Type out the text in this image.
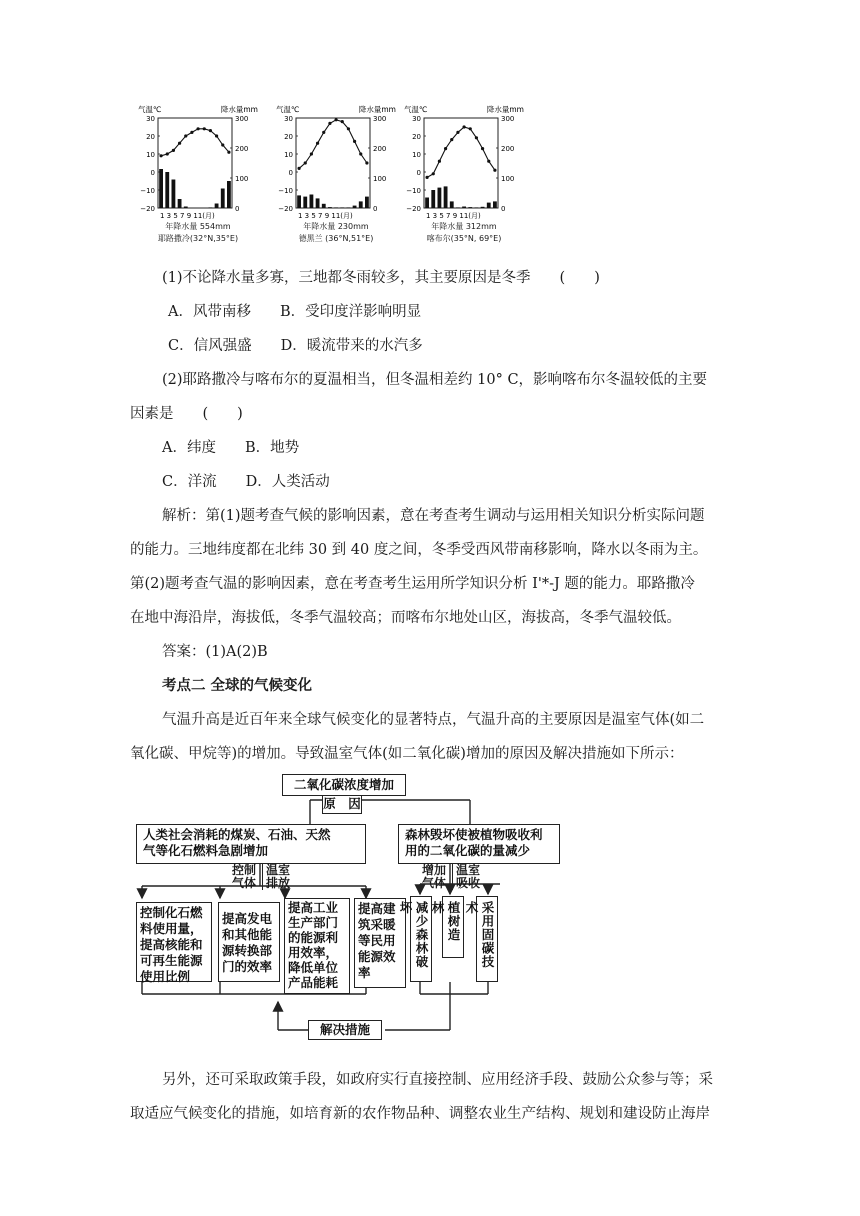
气温℃	降水量mm
30
20
10
0
−10
−20
300
200
100
0
1 3 5 7 9 11(月)
年降水量 554mm
耶路撒冷(32°N,35°E)
气温℃	降水量mm
30
20
10
0
−10
−20
300
200
100
0
1 3 5 7 9 11(月)
年降水量 230mm
德黑兰 (36°N,51°E)
气温℃	降水量mm
30
20
10
0
−10
−20
300
200
100
0
1 3 5 7 9 11(月)
年降水量 312mm
喀布尔(35°N, 69°E)
(1)不论降水量多寡，三地都冬雨较多，其主要原因是冬季　　(　　)
A．风带南移　　B．受印度洋影响明显
C．信风强盛　　D．暖流带来的水汽多
(2)耶路撒冷与喀布尔的夏温相当，但冬温相差约 10° C，影响喀布尔冬温较低的主要
因素是　　(　　)
A．纬度　　B．地势
C．洋流　　D．人类活动
解析：第(1)题考查气候的影响因素，意在考查考生调动与运用相关知识分析实际问题
的能力。三地纬度都在北纬 30 到 40 度之间，冬季受西风带南移影响，降水以冬雨为主。
第(2)题考查气温的影响因素，意在考查考生运用所学知识分析 I'*-J 题的能力。耶路撒冷
在地中海沿岸，海拔低，冬季气温较高；而喀布尔地处山区，海拔高，冬季气温较低。
答案：(1)A(2)B
考点二 全球的气候变化
气温升高是近百年来全球气候变化的显著特点，气温升高的主要原因是温室气体(如二
氧化碳、甲烷等)的增加。导致温室气体(如二氧化碳)增加的原因及解决措施如下所示：
二氧化碳浓度增加
原　因
人类社会消耗的煤炭、石油、天然
气等化石燃料急剧增加
森林毁坏使被植物吸收利
用的二氧化碳的量减少
控制
气体
温室
排放
增加
气体
温室
吸收
控制化石燃
料使用量，
提高核能和
可再生能源
使用比例
提高发电
和其他能
源转换部
门的效率
提高工业
生产部门
的能源利
用效率，
降低单位
产品能耗
提高建
筑采暖
等民用
能源效
率
减少森林破坏	植树造林	采用固碳技术
解决措施
另外，还可采取政策手段，如政府实行直接控制、应用经济手段、鼓励公众参与等；采
取适应气候变化的措施，如培育新的农作物品种、调整农业生产结构、规划和建设防止海岸
